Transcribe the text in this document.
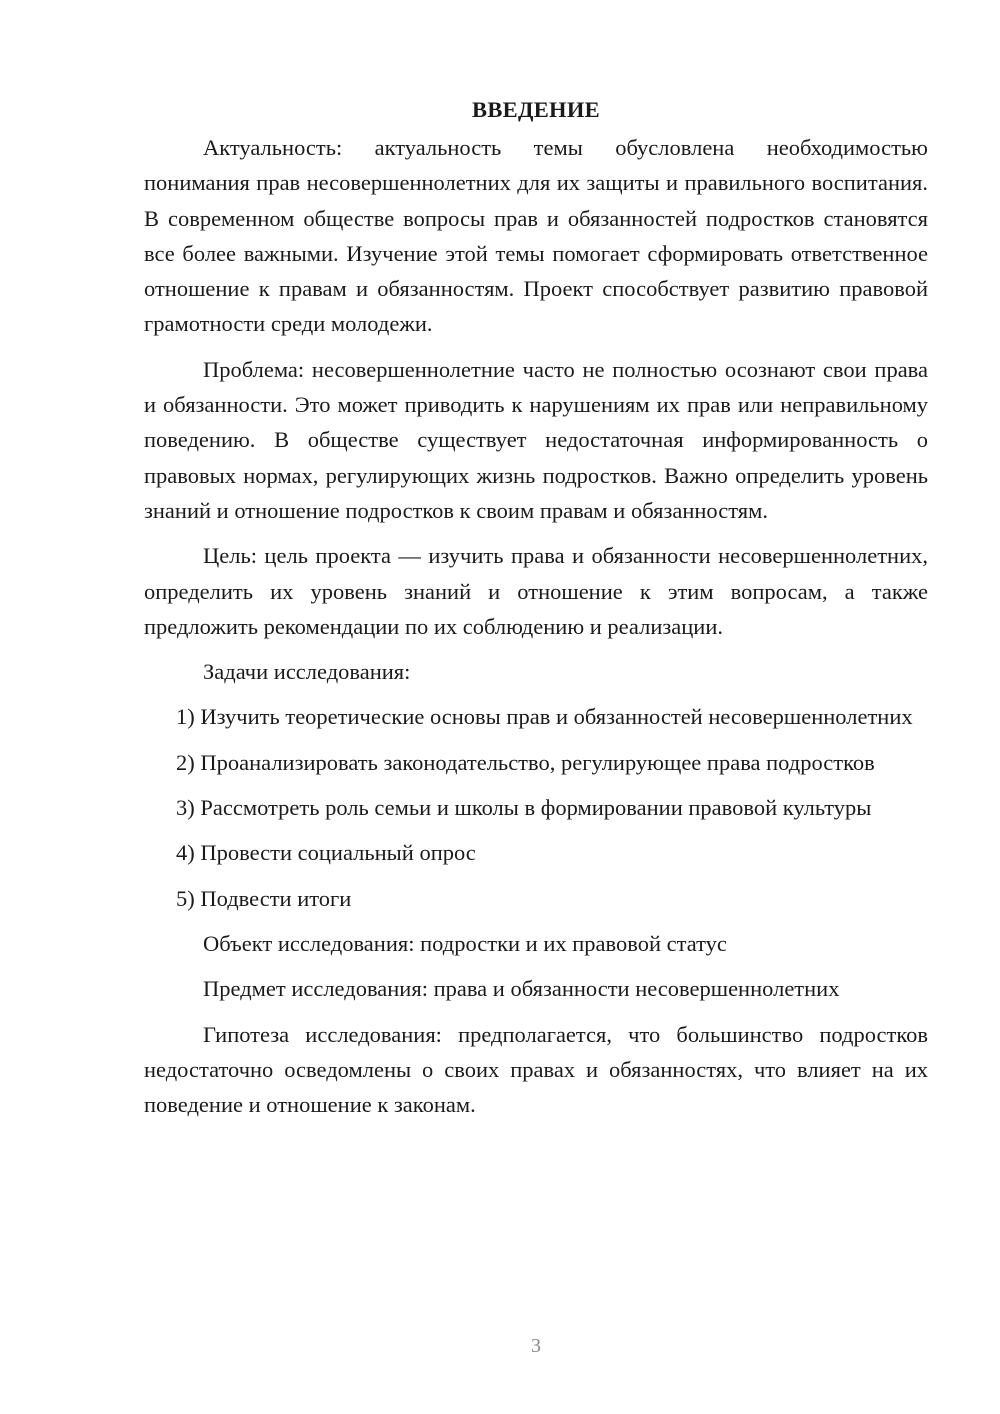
ВВЕДЕНИЕ

Актуальность: актуальность темы обусловлена необходимостью понимания прав несовершеннолетних для их защиты и правильного воспитания. В современном обществе вопросы прав и обязанностей подростков становятся все более важными. Изучение этой темы помогает сформировать ответственное отношение к правам и обязанностям. Проект способствует развитию правовой грамотности среди молодежи.

Проблема: несовершеннолетние часто не полностью осознают свои права и обязанности. Это может приводить к нарушениям их прав или неправильному поведению. В обществе существует недостаточная информированность о правовых нормах, регулирующих жизнь подростков. Важно определить уровень знаний и отношение подростков к своим правам и обязанностям.

Цель: цель проекта — изучить права и обязанности несовершеннолетних, определить их уровень знаний и отношение к этим вопросам, а также предложить рекомендации по их соблюдению и реализации.

Задачи исследования:

1) Изучить теоретические основы прав и обязанностей несовершеннолетних

2) Проанализировать законодательство, регулирующее права подростков

3) Рассмотреть роль семьи и школы в формировании правовой культуры

4) Провести социальный опрос

5) Подвести итоги

Объект исследования: подростки и их правовой статус

Предмет исследования: права и обязанности несовершеннолетних

Гипотеза исследования: предполагается, что большинство подростков недостаточно осведомлены о своих правах и обязанностях, что влияет на их поведение и отношение к законам.

3
